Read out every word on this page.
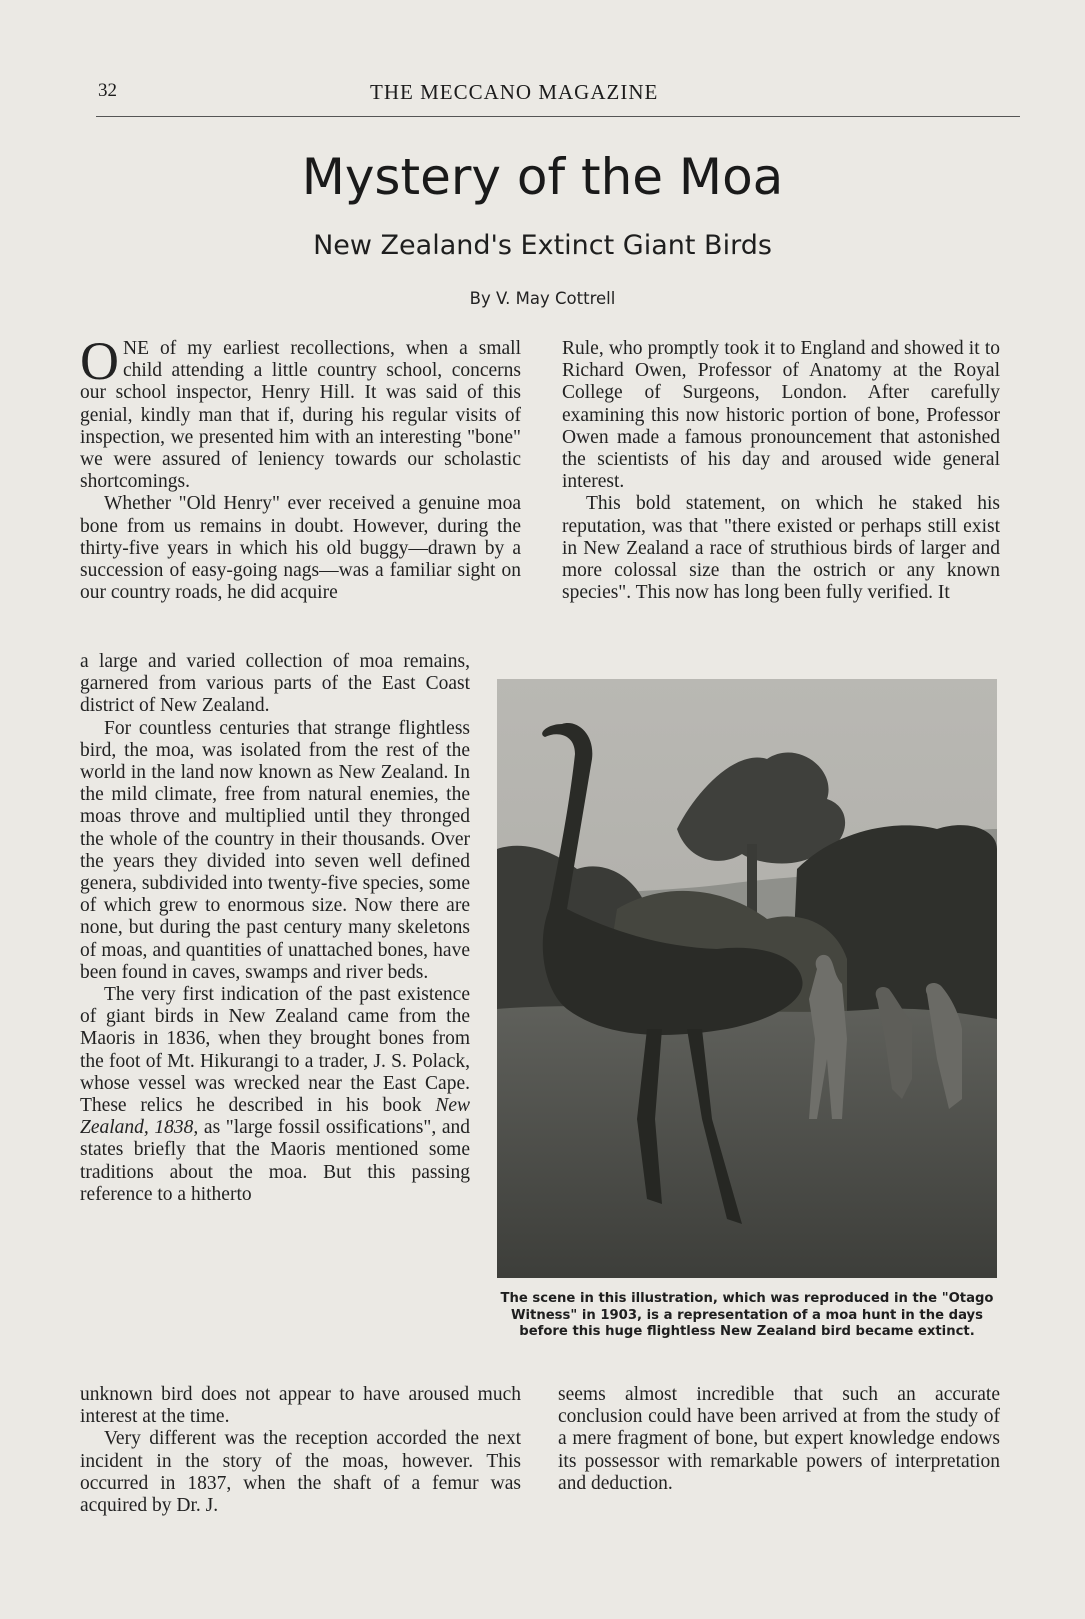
32	THE MECCANO MAGAZINE
Mystery of the Moa
New Zealand's Extinct Giant Birds
By V. May Cottrell

ONE of my earliest recollections, when a small child attending a little country school, concerns our school inspector, Henry Hill. It was said of this genial, kindly man that if, during his regular visits of inspection, we presented him with an interesting "bone" we were assured of leniency towards our scholastic shortcomings.

Whether "Old Henry" ever received a genuine moa bone from us remains in doubt. However, during the thirty-five years in which his old buggy—drawn by a succession of easy-going nags—was a familiar sight on our country roads, he did acquire

Rule, who promptly took it to England and showed it to Richard Owen, Professor of Anatomy at the Royal College of Surgeons, London. After carefully examining this now historic portion of bone, Professor Owen made a famous pronouncement that astonished the scientists of his day and aroused wide general interest.

This bold statement, on which he staked his reputation, was that "there existed or perhaps still exist in New Zealand a race of struthious birds of larger and more colossal size than the ostrich or any known species". This now has long been fully verified. It

a large and varied collection of moa remains, garnered from various parts of the East Coast district of New Zealand.

For countless centuries that strange flightless bird, the moa, was isolated from the rest of the world in the land now known as New Zealand. In the mild climate, free from natural enemies, the moas throve and multiplied until they thronged the whole of the country in their thousands. Over the years they divided into seven well defined genera, subdivided into twenty-five species, some of which grew to enormous size. Now there are none, but during the past century many skeletons of moas, and quantities of unattached bones, have been found in caves, swamps and river beds.

The very first indication of the past existence of giant birds in New Zealand came from the Maoris in 1836, when they brought bones from the foot of Mt. Hikurangi to a trader, J. S. Polack, whose vessel was wrecked near the East Cape. These relics he described in his book New Zealand, 1838, as "large fossil ossifications", and states briefly that the Maoris mentioned some traditions about the moa. But this passing reference to a hitherto

The scene in this illustration, which was reproduced in the "Otago Witness" in 1903, is a representation of a moa hunt in the days before this huge flightless New Zealand bird became extinct.

unknown bird does not appear to have aroused much interest at the time.

Very different was the reception accorded the next incident in the story of the moas, however. This occurred in 1837, when the shaft of a femur was acquired by Dr. J.

seems almost incredible that such an accurate conclusion could have been arrived at from the study of a mere fragment of bone, but expert knowledge endows its possessor with remarkable powers of interpretation and deduction.
